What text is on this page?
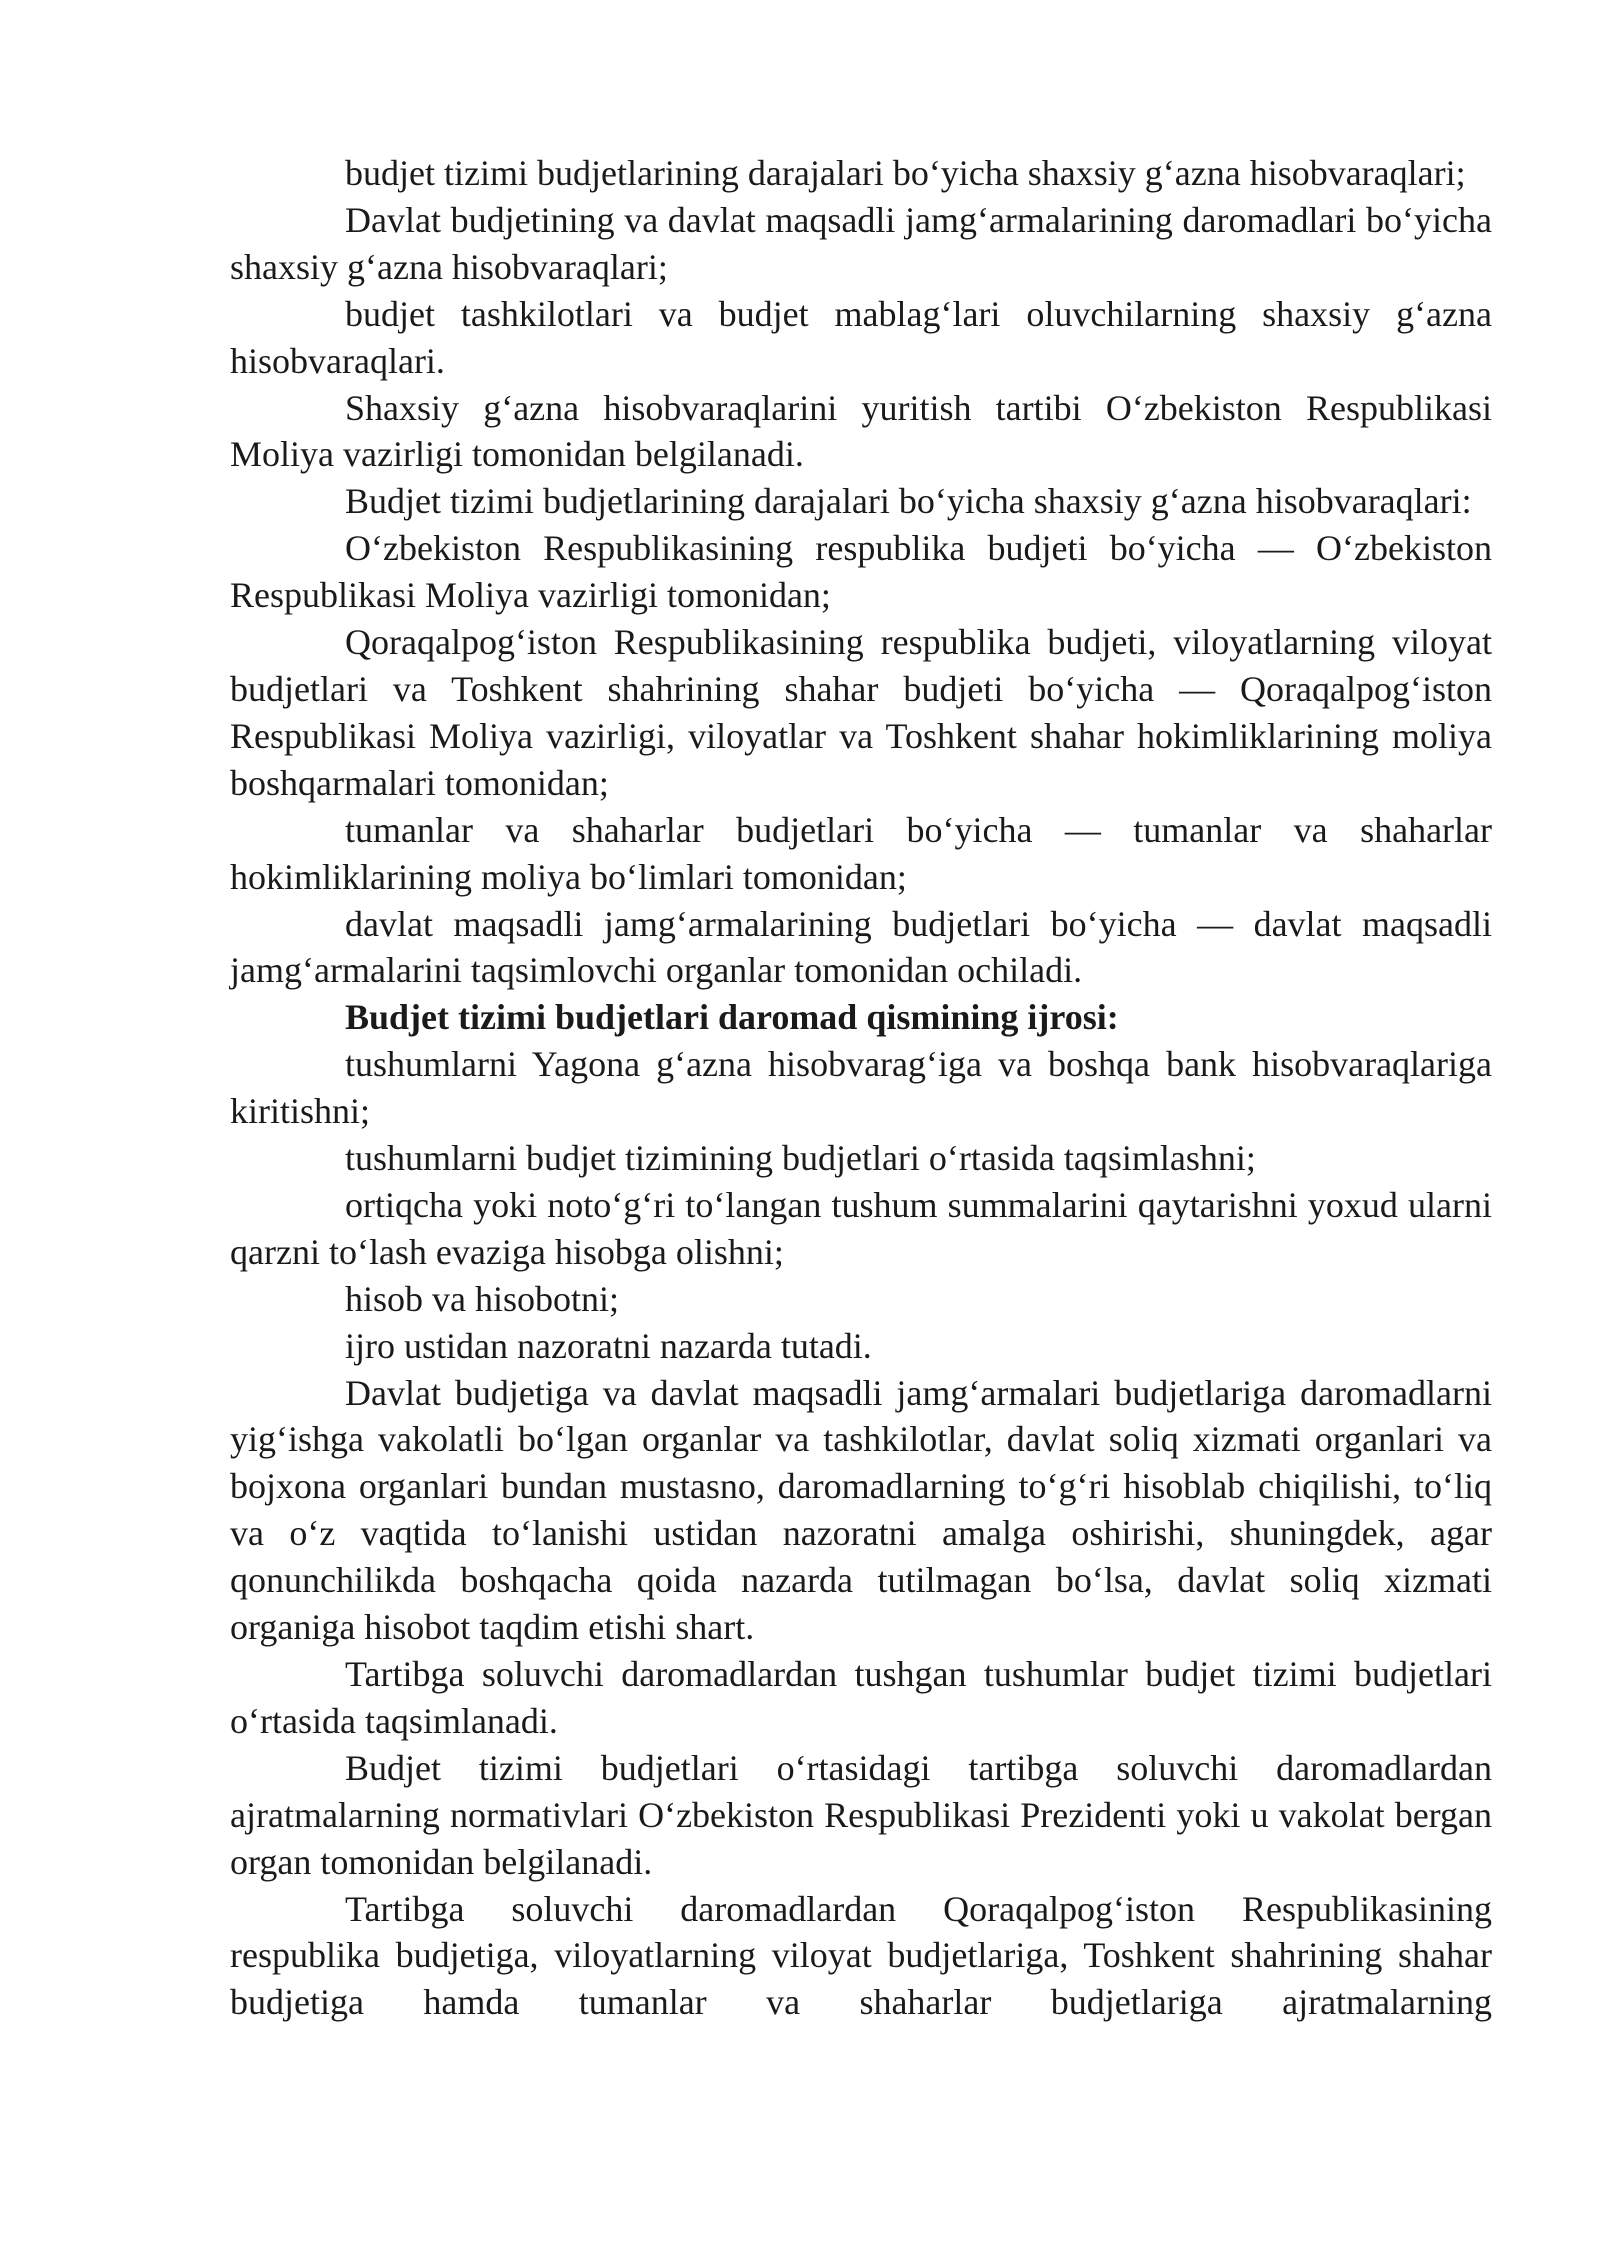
budjet tizimi budjetlarining darajalari bo‘yicha shaxsiy g‘azna hisobvaraqlari;

Davlat budjetining va davlat maqsadli jamg‘armalarining daromadlari bo‘yicha shaxsiy g‘azna hisobvaraqlari;

budjet tashkilotlari va budjet mablag‘lari oluvchilarning shaxsiy g‘azna hisobvaraqlari.

Shaxsiy g‘azna hisobvaraqlarini yuritish tartibi O‘zbekiston Respublikasi Moliya vazirligi tomonidan belgilanadi.

Budjet tizimi budjetlarining darajalari bo‘yicha shaxsiy g‘azna hisobvaraqlari:

O‘zbekiston Respublikasining respublika budjeti bo‘yicha — O‘zbekiston Respublikasi Moliya vazirligi tomonidan;

Qoraqalpog‘iston Respublikasining respublika budjeti, viloyatlarning viloyat budjetlari va Toshkent shahrining shahar budjeti bo‘yicha — Qoraqalpog‘iston Respublikasi Moliya vazirligi, viloyatlar va Toshkent shahar hokimliklarining moliya boshqarmalari tomonidan;

tumanlar va shaharlar budjetlari bo‘yicha — tumanlar va shaharlar hokimliklarining moliya bo‘limlari tomonidan;

davlat maqsadli jamg‘armalarining budjetlari bo‘yicha — davlat maqsadli jamg‘armalarini taqsimlovchi organlar tomonidan ochiladi.

Budjet tizimi budjetlari daromad qismining ijrosi:

tushumlarni Yagona g‘azna hisobvarag‘iga va boshqa bank hisobvaraqlariga kiritishni;

tushumlarni budjet tizimining budjetlari o‘rtasida taqsimlashni;

ortiqcha yoki noto‘g‘ri to‘langan tushum summalarini qaytarishni yoxud ularni qarzni to‘lash evaziga hisobga olishni;

hisob va hisobotni;

ijro ustidan nazoratni nazarda tutadi.

Davlat budjetiga va davlat maqsadli jamg‘armalari budjetlariga daromadlarni yig‘ishga vakolatli bo‘lgan organlar va tashkilotlar, davlat soliq xizmati organlari va bojxona organlari bundan mustasno, daromadlarning to‘g‘ri hisoblab chiqilishi, to‘liq va o‘z vaqtida to‘lanishi ustidan nazoratni amalga oshirishi, shuningdek, agar qonunchilikda boshqacha qoida nazarda tutilmagan bo‘lsa, davlat soliq xizmati organiga hisobot taqdim etishi shart.

Tartibga soluvchi daromadlardan tushgan tushumlar budjet tizimi budjetlari o‘rtasida taqsimlanadi.

Budjet tizimi budjetlari o‘rtasidagi tartibga soluvchi daromadlardan ajratmalarning normativlari O‘zbekiston Respublikasi Prezidenti yoki u vakolat bergan organ tomonidan belgilanadi.

Tartibga soluvchi daromadlardan Qoraqalpog‘iston Respublikasining respublika budjetiga, viloyatlarning viloyat budjetlariga, Toshkent shahrining shahar budjetiga hamda tumanlar va shaharlar budjetlariga ajratmalarning
